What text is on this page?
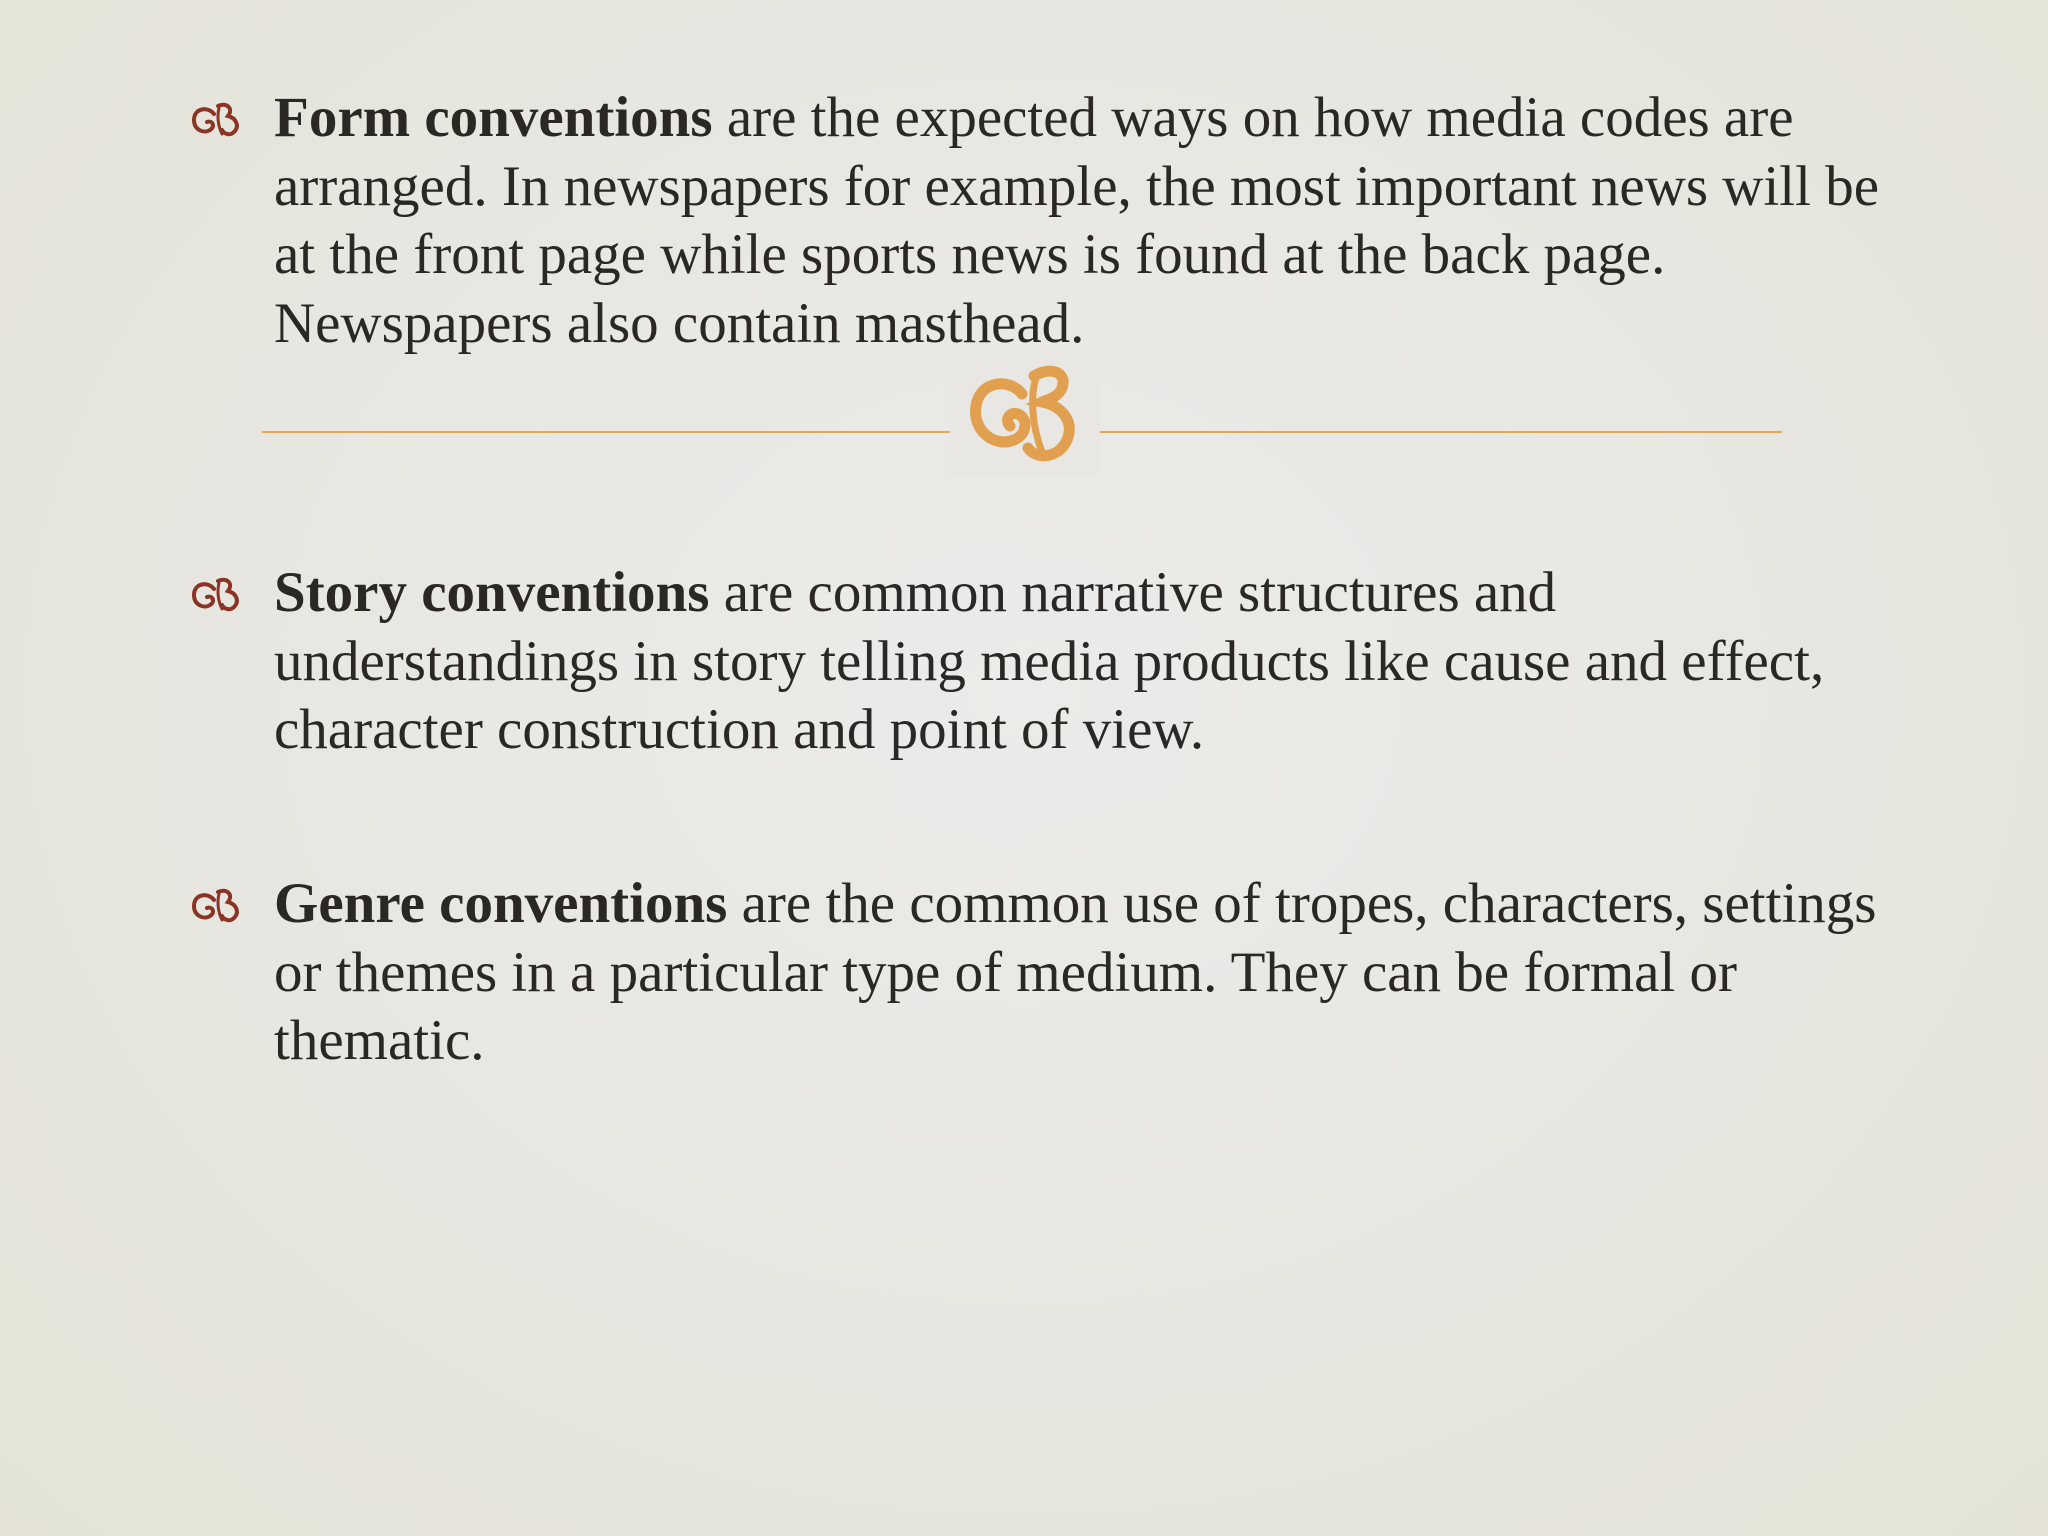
Form conventions are the expected ways on how media codes are arranged. In newspapers for example, the most important news will be at the front page while sports news is found at the back page. Newspapers also contain masthead.
Story conventions are common narrative structures and understandings in story telling media products like cause and effect, character construction and point of view.
Genre conventions are the common use of tropes, characters, settings or themes in a particular type of medium. They can be formal or thematic.
